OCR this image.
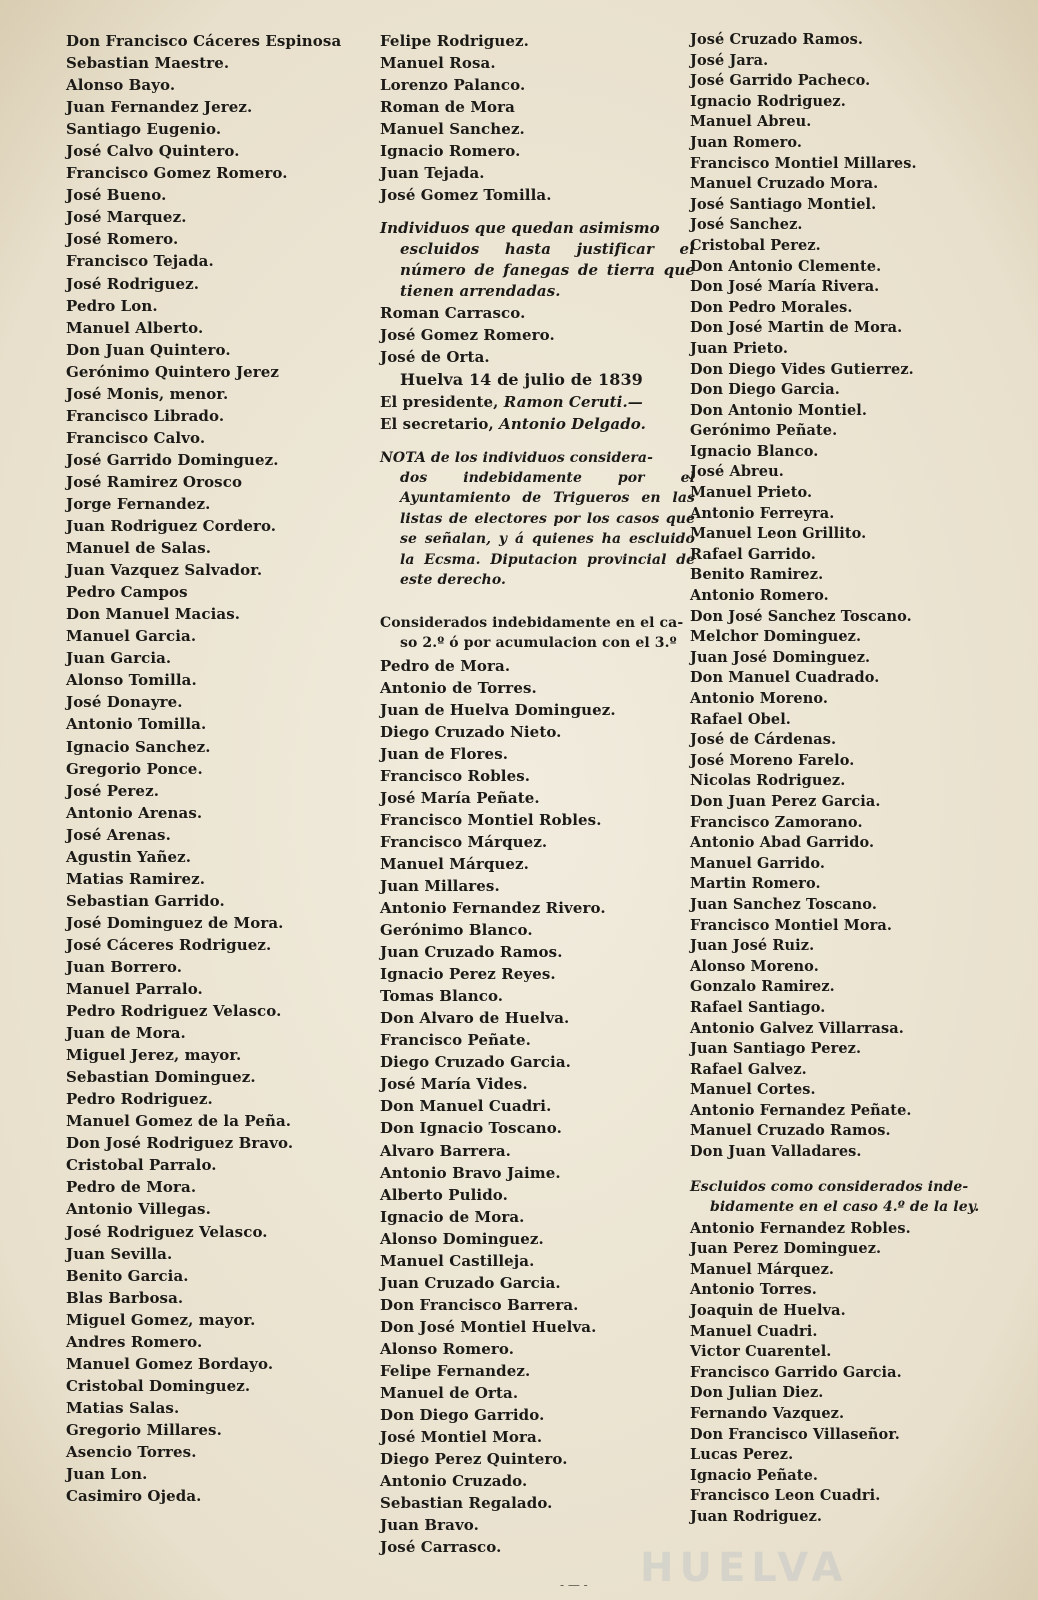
Don Francisco Cáceres Espinosa
Sebastian Maestre.
Alonso Bayo.
Juan Fernandez Jerez.
Santiago Eugenio.
José Calvo Quintero.
Francisco Gomez Romero.
José Bueno.
José Marquez.
José Romero.
Francisco Tejada.
José Rodriguez.
Pedro Lon.
Manuel Alberto.
Don Juan Quintero.
Gerónimo Quintero Jerez
José Monis, menor.
Francisco Librado.
Francisco Calvo.
José Garrido Dominguez.
José Ramirez Orosco
Jorge Fernandez.
Juan Rodriguez Cordero.
Manuel de Salas.
Juan Vazquez Salvador.
Pedro Campos
Don Manuel Macias.
Manuel Garcia.
Juan Garcia.
Alonso Tomilla.
José Donayre.
Antonio Tomilla.
Ignacio Sanchez.
Gregorio Ponce.
José Perez.
Antonio Arenas.
José Arenas.
Agustin Yañez.
Matias Ramirez.
Sebastian Garrido.
José Dominguez de Mora.
José Cáceres Rodriguez.
Juan Borrero.
Manuel Parralo.
Pedro Rodriguez Velasco.
Juan de Mora.
Miguel Jerez, mayor.
Sebastian Dominguez.
Pedro Rodriguez.
Manuel Gomez de la Peña.
Don José Rodriguez Bravo.
Cristobal Parralo.
Pedro de Mora.
Antonio Villegas.
José Rodriguez Velasco.
Juan Sevilla.
Benito Garcia.
Blas Barbosa.
Miguel Gomez, mayor.
Andres Romero.
Manuel Gomez Bordayo.
Cristobal Dominguez.
Matias Salas.
Gregorio Millares.
Asencio Torres.
Juan Lon.
Casimiro Ojeda.
Felipe Rodriguez.
Manuel Rosa.
Lorenzo Palanco.
Roman de Mora
Manuel Sanchez.
Ignacio Romero.
Juan Tejada.
José Gomez Tomilla.

Individuos que quedan asimismo
escluidos hasta justificar el número de fanegas de tierra que tienen arrendadas.

Roman Carrasco.
José Gomez Romero.
José de Orta.
Huelva 14 de julio de 1839
El presidente, Ramon Ceruti.—
El secretario, Antonio Delgado.

NOTA de los individuos considera-
dos indebidamente por el Ayuntamiento de Trigueros en las listas de electores por los casos que se señalan, y á quienes ha escluido la Ecsma. Diputacion provincial de este derecho.

Considerados indebidamente en el ca-
so 2.º ó por acumulacion con el 3.º

Pedro de Mora.
Antonio de Torres.
Juan de Huelva Dominguez.
Diego Cruzado Nieto.
Juan de Flores.
Francisco Robles.
José María Peñate.
Francisco Montiel Robles.
Francisco Márquez.
Manuel Márquez.
Juan Millares.
Antonio Fernandez Rivero.
Gerónimo Blanco.
Juan Cruzado Ramos.
Ignacio Perez Reyes.
Tomas Blanco.
Don Alvaro de Huelva.
Francisco Peñate.
Diego Cruzado Garcia.
José María Vides.
Don Manuel Cuadri.
Don Ignacio Toscano.
Alvaro Barrera.
Antonio Bravo Jaime.
Alberto Pulido.
Ignacio de Mora.
Alonso Dominguez.
Manuel Castilleja.
Juan Cruzado Garcia.
Don Francisco Barrera.
Don José Montiel Huelva.
Alonso Romero.
Felipe Fernandez.
Manuel de Orta.
Don Diego Garrido.
José Montiel Mora.
Diego Perez Quintero.
Antonio Cruzado.
Sebastian Regalado.
Juan Bravo.
José Carrasco.
José Cruzado Ramos.
José Jara.
José Garrido Pacheco.
Ignacio Rodriguez.
Manuel Abreu.
Juan Romero.
Francisco Montiel Millares.
Manuel Cruzado Mora.
José Santiago Montiel.
José Sanchez.
Cristobal Perez.
Don Antonio Clemente.
Don José María Rivera.
Don Pedro Morales.
Don José Martin de Mora.
Juan Prieto.
Don Diego Vides Gutierrez.
Don Diego Garcia.
Don Antonio Montiel.
Gerónimo Peñate.
Ignacio Blanco.
José Abreu.
Manuel Prieto.
Antonio Ferreyra.
Manuel Leon Grillito.
Rafael Garrido.
Benito Ramirez.
Antonio Romero.
Don José Sanchez Toscano.
Melchor Dominguez.
Juan José Dominguez.
Don Manuel Cuadrado.
Antonio Moreno.
Rafael Obel.
José de Cárdenas.
José Moreno Farelo.
Nicolas Rodriguez.
Don Juan Perez Garcia.
Francisco Zamorano.
Antonio Abad Garrido.
Manuel Garrido.
Martin Romero.
Juan Sanchez Toscano.
Francisco Montiel Mora.
Juan José Ruiz.
Alonso Moreno.
Gonzalo Ramirez.
Rafael Santiago.
Antonio Galvez Villarrasa.
Juan Santiago Perez.
Rafael Galvez.
Manuel Cortes.
Antonio Fernandez Peñate.
Manuel Cruzado Ramos.
Don Juan Valladares.

Escluidos como considerados inde-
bidamente en el caso 4.º de la ley.

Antonio Fernandez Robles.
Juan Perez Dominguez.
Manuel Márquez.
Antonio Torres.
Joaquin de Huelva.
Manuel Cuadri.
Victor Cuarentel.
Francisco Garrido Garcia.
Don Julian Diez.
Fernando Vazquez.
Don Francisco Villaseñor.
Lucas Perez.
Ignacio Peñate.
Francisco Leon Cuadri.
Juan Rodriguez.
HUELVA
- — -
